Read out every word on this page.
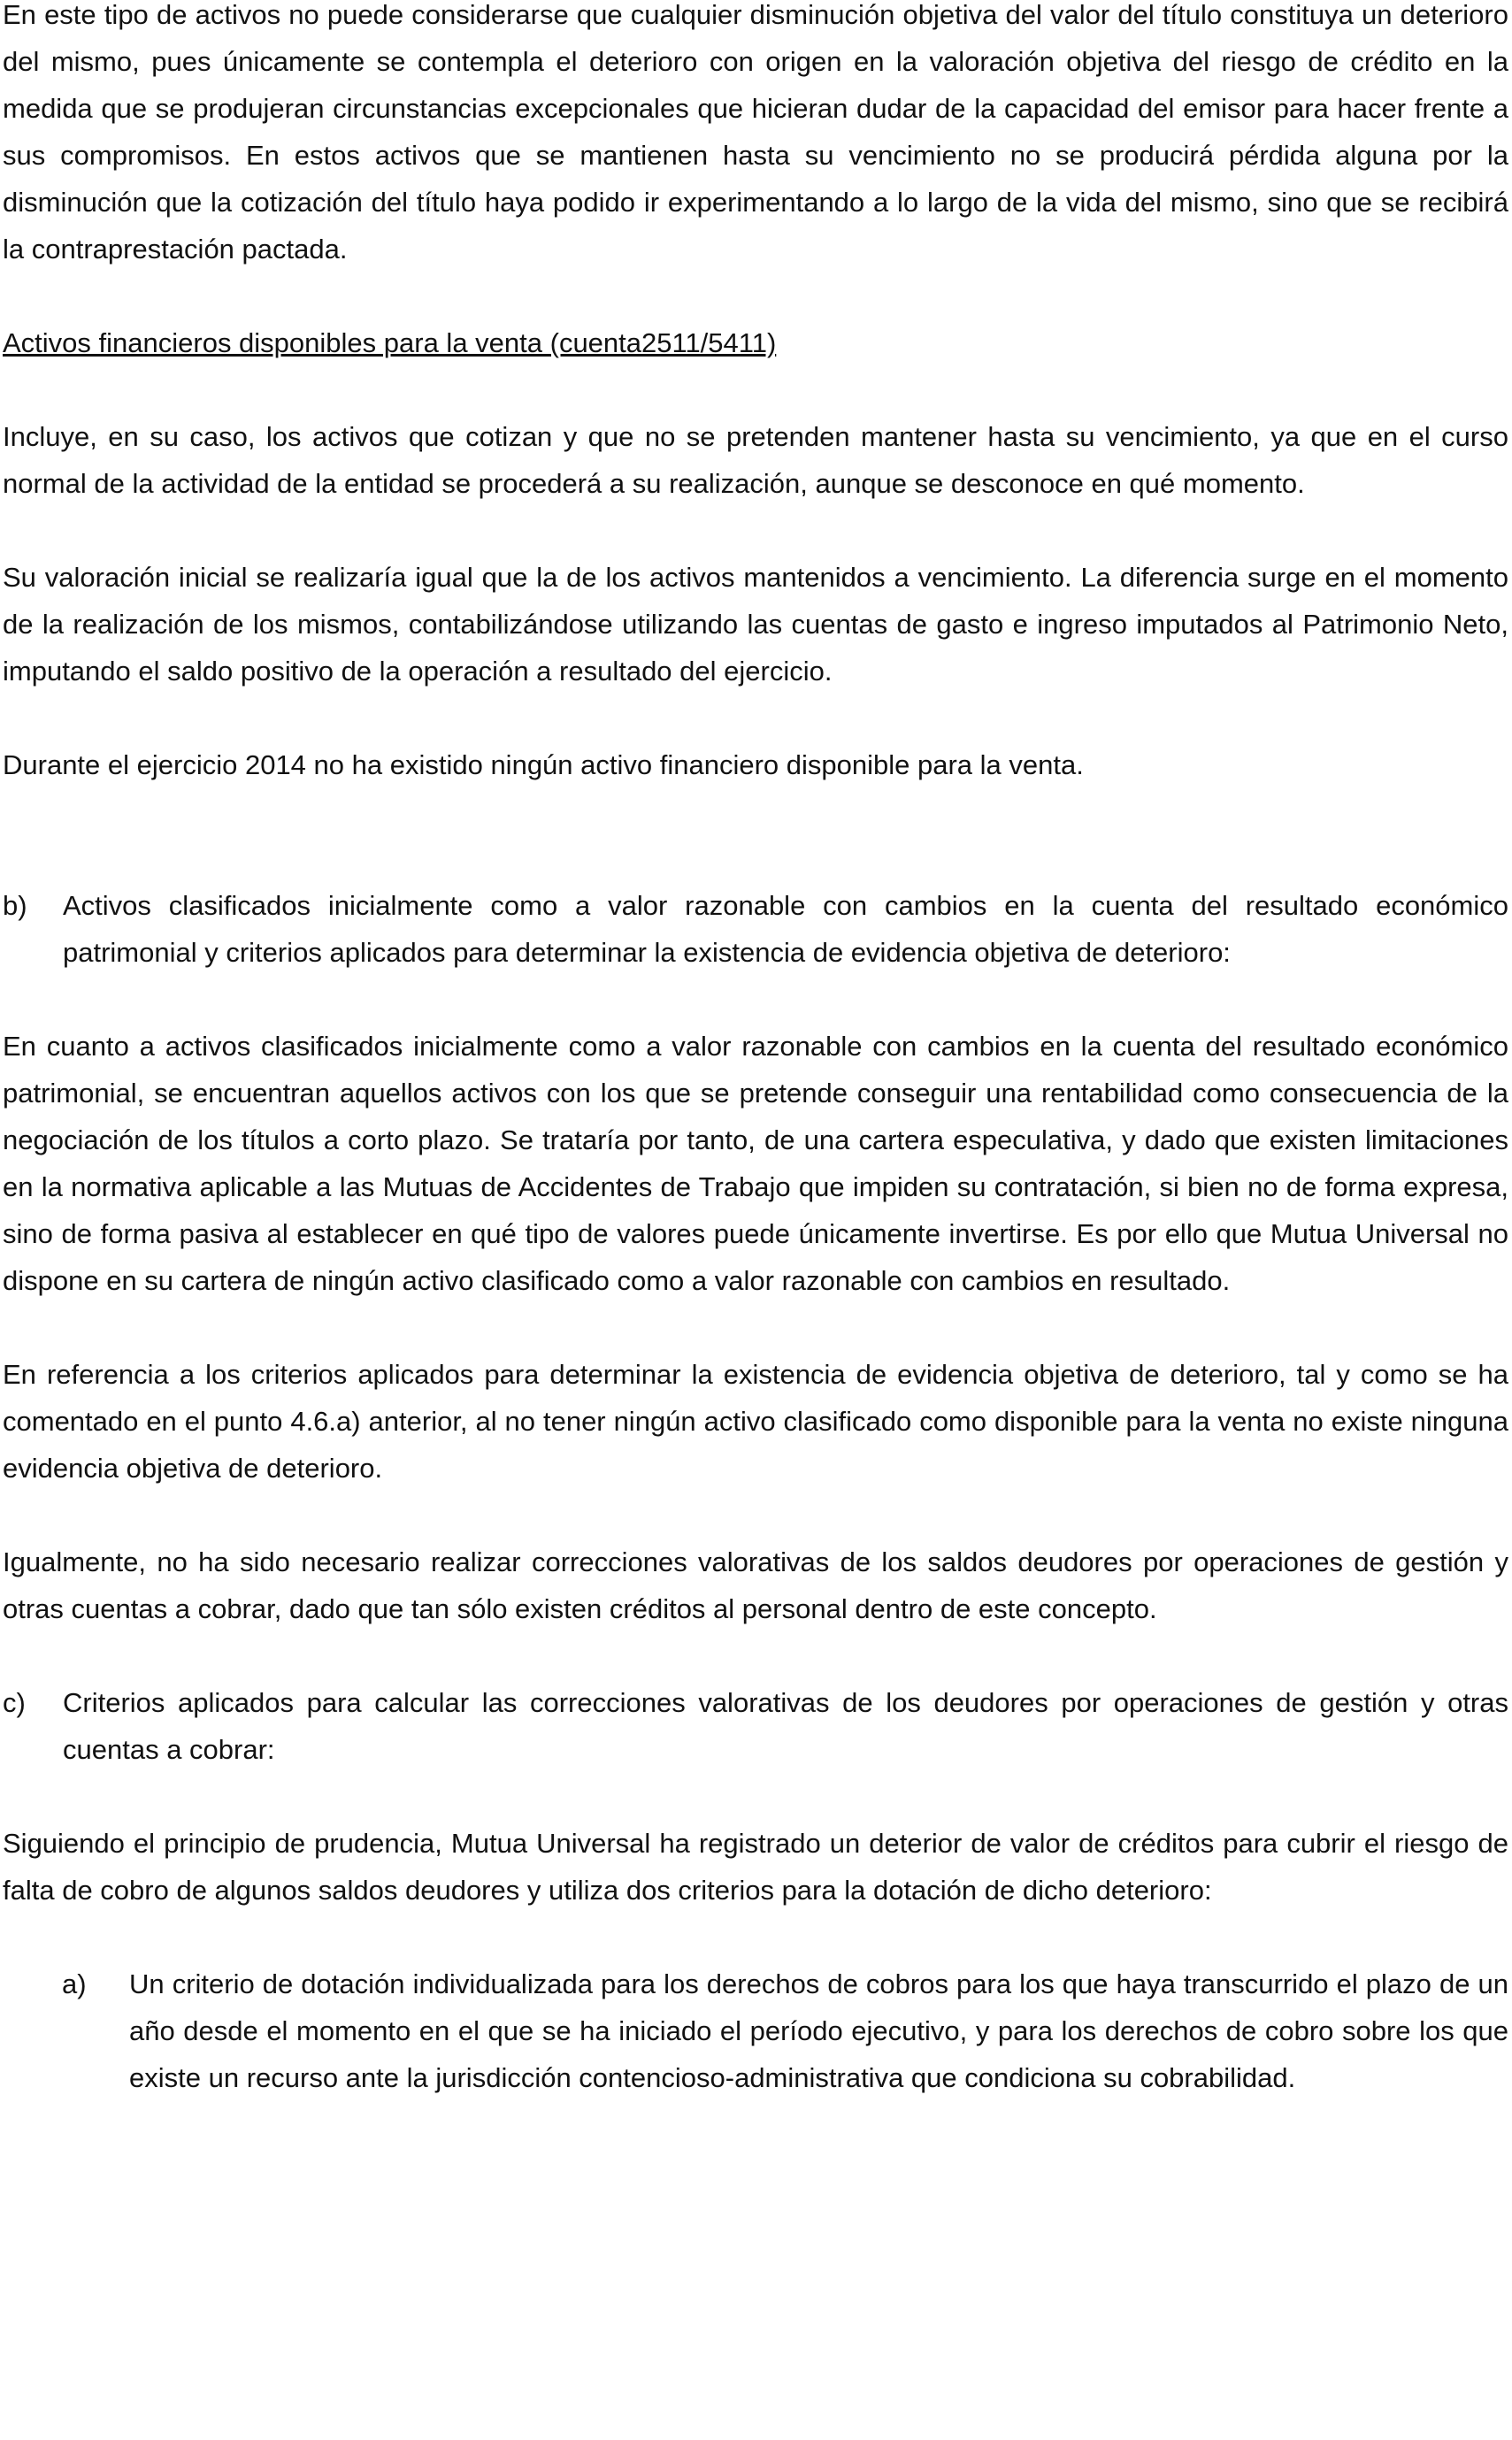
En este tipo de activos no puede considerarse que cualquier disminución objetiva del valor del título constituya un deterioro del mismo, pues únicamente se contempla el deterioro con origen en la valoración objetiva del riesgo de crédito en la medida que se produjeran circunstancias excepcionales que hicieran dudar de la capacidad del emisor para hacer frente a sus compromisos. En estos activos que se mantienen hasta su vencimiento no se producirá pérdida alguna por la disminución que la cotización del título haya podido ir experimentando a lo largo de la vida del mismo, sino que se recibirá la contraprestación pactada.

Activos financieros disponibles para la venta (cuenta2511/5411)

Incluye, en su caso, los activos que cotizan y que no se pretenden mantener hasta su vencimiento, ya que en el curso normal de la actividad de la entidad se procederá a su realización, aunque se desconoce en qué momento.

Su valoración inicial se realizaría igual que la de los activos mantenidos a vencimiento. La diferencia surge en el momento de la realización de los mismos, contabilizándose utilizando las cuentas de gasto e ingreso imputados al Patrimonio Neto, imputando el saldo positivo de la operación a resultado del ejercicio.

Durante el ejercicio 2014 no ha existido ningún activo financiero disponible para la venta.

b)	Activos clasificados inicialmente como a valor razonable con cambios en la cuenta del resultado económico patrimonial y criterios aplicados para determinar la existencia de evidencia objetiva de deterioro:

En cuanto a activos clasificados inicialmente como a valor razonable con cambios en la cuenta del resultado económico patrimonial, se encuentran aquellos activos con los que se pretende conseguir una rentabilidad como consecuencia de la negociación de los títulos a corto plazo. Se trataría por tanto, de una cartera especulativa, y dado que existen limitaciones en la normativa aplicable a las Mutuas de Accidentes de Trabajo que impiden su contratación, si bien no de forma expresa, sino de forma pasiva al establecer en qué tipo de valores puede únicamente invertirse. Es por ello que Mutua Universal no dispone en su cartera de ningún activo clasificado como a valor razonable con cambios en resultado.

En referencia a los criterios aplicados para determinar la existencia de evidencia objetiva de deterioro, tal y como se ha comentado en el punto 4.6.a) anterior, al no tener ningún activo clasificado como disponible para la venta no existe ninguna evidencia objetiva de deterioro.

Igualmente, no ha sido necesario realizar correcciones valorativas de los saldos deudores por operaciones de gestión y otras cuentas a cobrar, dado que tan sólo existen créditos al personal dentro de este concepto.

c)	Criterios aplicados para calcular las correcciones valorativas de los deudores por operaciones de gestión y otras cuentas a cobrar:

Siguiendo el principio de prudencia, Mutua Universal ha registrado un deterior de valor de créditos para cubrir el riesgo de falta de cobro de algunos saldos deudores y utiliza dos criterios para la dotación de dicho deterioro:

a)	Un criterio de dotación individualizada para los derechos de cobros para los que haya transcurrido el plazo de un año desde el momento en el que se ha iniciado el período ejecutivo, y para los derechos de cobro sobre los que existe un recurso ante la jurisdicción contencioso-administrativa que condiciona su cobrabilidad.
